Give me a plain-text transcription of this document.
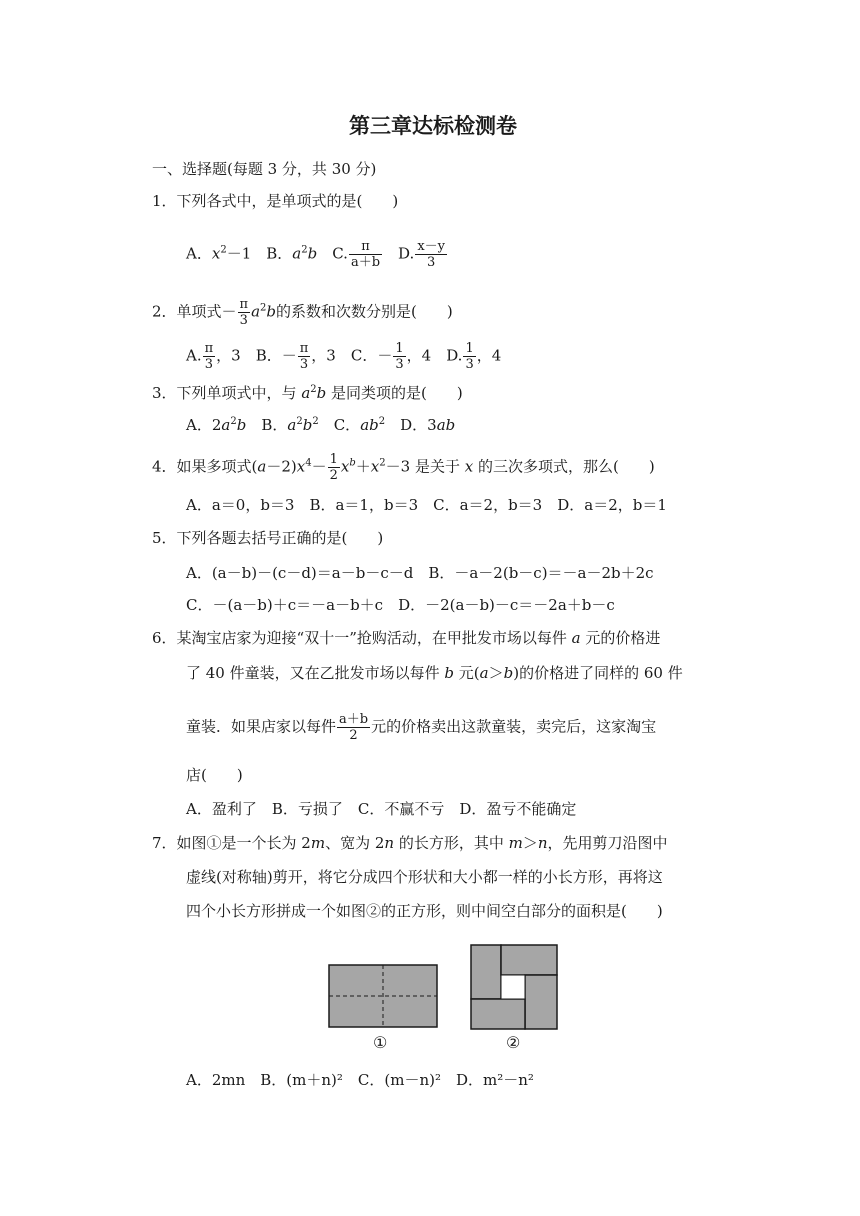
第三章达标检测卷
一、选择题(每题 3 分，共 30 分)
1．下列各式中，是单项式的是(　　)
A．$x^2-1$　 B．$a^2b$　 C. $\frac{\pi}{a+b}$
　 D. $\frac{x-y}{3}$
2．单项式－ $\frac{\pi}{3} a^2b$的系数和次数分别是(　　)
A. $\frac{\pi}{3}$ ，3　 B．－ $\frac{\pi}{3}$ ，3　 C．－ $\frac{1}{3}$ ，4　 D. $\frac{1}{3}$ ，4
3．下列单项式中，与 $a^2b$ 是同类项的是(　　)
A．$2a^2b$　 B．$a^2b^2$　 C．$ab^2$　 D．3ab
4．如果多项式$(a-2)x^4- \frac{1}{2} x^b+x^2-3$ 是关于 x 的三次多项式，那么(　　)
A．a＝0，b＝3　B．a＝1，b＝3　C．a＝2，b＝3　D．a＝2，b＝1
5．下列各题去括号正确的是(　　)
A．(a－b)－(c－d)＝a－b－c－d　B．－a－2(b－c)＝－a－2b＋2c
C．－(a－b)＋c＝－a－b＋c　D．－2(a－b)－c＝－2a＋b－c
6．某淘宝店家为迎接“双十一”抢购活动，在甲批发市场以每件 a 元的价格进
了 40 件童装，又在乙批发市场以每件 b 元(a＞b)的价格进了同样的 60 件
童装．如果店家以每件 $\frac{a+b}{2}$ 元的价格卖出这款童装，卖完后，这家淘宝
店(　　)
A．盈利了　B．亏损了　C．不赢不亏　D．盈亏不能确定
7．如图①是一个长为 2m、宽为 2n 的长方形，其中 m＞n，先用剪刀沿图中
虚线(对称轴)剪开，将它分成四个形状和大小都一样的小长方形，再将这
四个小长方形拼成一个如图②的正方形，则中间空白部分的面积是(　　)
①	②
A．2mn　B．(m＋n)²　C．(m－n)²　D．m²－n²
